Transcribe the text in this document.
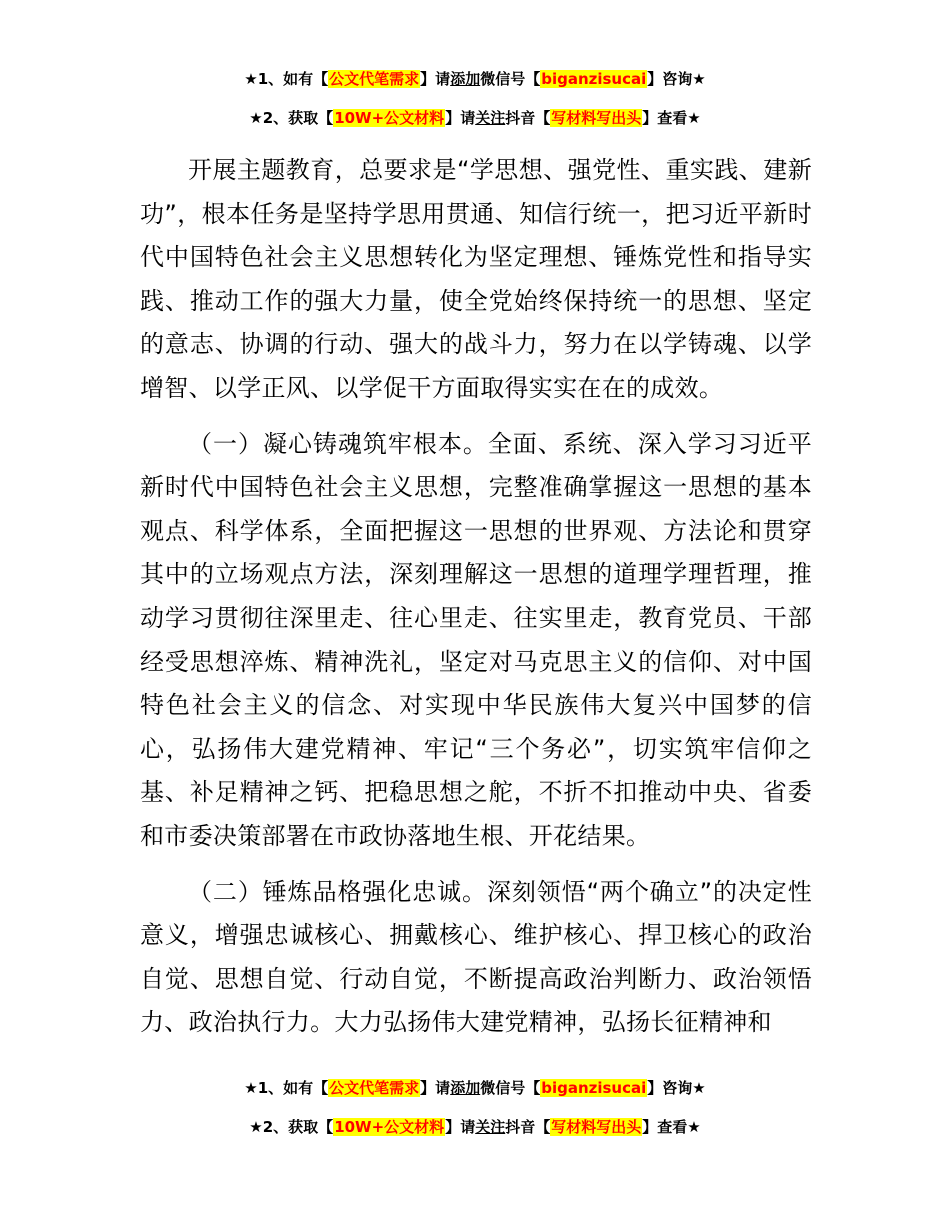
★1、如有【公文代笔需求】请添加微信号【biganzisucai】咨询★
★2、获取【10W+公文材料】请关注抖音【写材料写出头】查看★

开展主题教育，总要求是“学思想、强党性、重实践、建新功”，根本任务是坚持学思用贯通、知信行统一，把习近平新时代中国特色社会主义思想转化为坚定理想、锤炼党性和指导实践、推动工作的强大力量，使全党始终保持统一的思想、坚定的意志、协调的行动、强大的战斗力，努力在以学铸魂、以学增智、以学正风、以学促干方面取得实实在在的成效。

（一）凝心铸魂筑牢根本。全面、系统、深入学习习近平新时代中国特色社会主义思想，完整准确掌握这一思想的基本观点、科学体系，全面把握这一思想的世界观、方法论和贯穿其中的立场观点方法，深刻理解这一思想的道理学理哲理，推动学习贯彻往深里走、往心里走、往实里走，教育党员、干部经受思想淬炼、精神洗礼，坚定对马克思主义的信仰、对中国特色社会主义的信念、对实现中华民族伟大复兴中国梦的信心，弘扬伟大建党精神、牢记“三个务必”，切实筑牢信仰之基、补足精神之钙、把稳思想之舵，不折不扣推动中央、省委和市委决策部署在市政协落地生根、开花结果。

（二）锤炼品格强化忠诚。深刻领悟“两个确立”的决定性意义，增强忠诚核心、拥戴核心、维护核心、捍卫核心的政治自觉、思想自觉、行动自觉，不断提高政治判断力、政治领悟力、政治执行力。大力弘扬伟大建党精神，弘扬长征精神和

★1、如有【公文代笔需求】请添加微信号【biganzisucai】咨询★
★2、获取【10W+公文材料】请关注抖音【写材料写出头】查看★
